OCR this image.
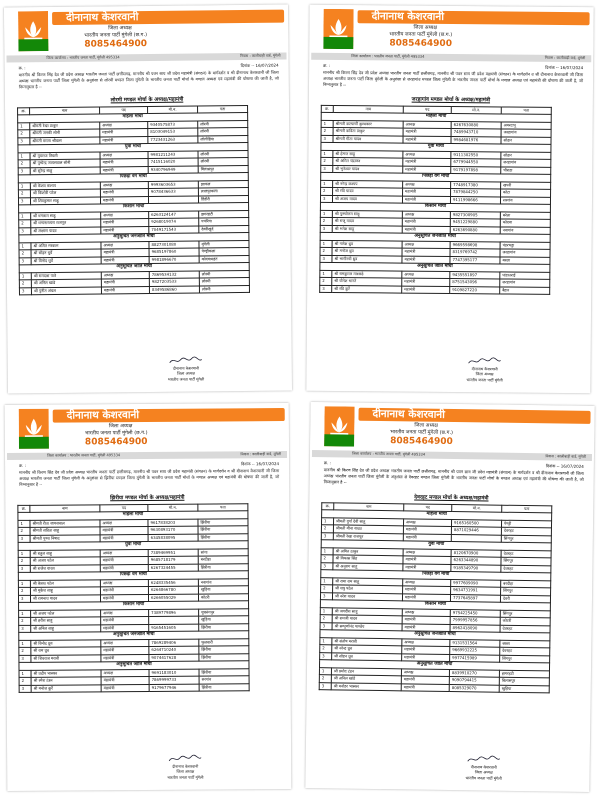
दीनानाथ केशरवानी
जिला अध्यक्ष
भारतीय जनता पार्टी मुंगेली (छ.ग.)
8085464900
जिला कार्यालय : भारतीय जनता पार्टी, मुंगेली 495334	निवास : कालीबाड़ी वार्ड, मुंगेली
क्र. :	दिनांक -- 16/07/2024
माननीय श्री किरण सिंह देव जी प्रदेश अध्यक्ष भारतीय जनता पार्टी छत्तीसगढ़, माननीय श्री पवन साय जी प्रदेश महामंत्री (संगठन) के मार्गदर्शन व श्री दीनानाथ केशरवानी जी जिला अध्यक्ष भारतीय जनता पार्टी जिला मुंगेली के अनुशंसा से लोरमी मण्डल जिला मुंगेली के भारतीय जनता पार्टी मोर्चा के मण्डल अध्यक्ष एवं महामंत्री की घोषणा की जाती है, जो निम्नानुसार है --
लोरमी मण्डल मोर्चा के अध्यक्ष/महामंत्री
क्र.	नाम	पद	मो.न.	पता
महिला मोर्चा				
1	श्रीमती रेखा ठाकुर	अध्यक्ष	9340575873	लोरमी
2	श्रीमती जनकी सोनी	महामंत्री	8103049153	लोरमी
3	श्रीमती ममता श्रीवास	महामंत्री	7723431263	लोलोहिया
युवा मोर्चा				
1	श्री युवराज तिवारी	अध्यक्ष	9981211243	लोरमी
2	श्री पुष्पेन्द्र जायसवाल सोनी	महामंत्री	7415116020	लोरमी
3	श्री सुरेन्द्र साहू	महामंत्री	9340796949	बिलासपुर
पिछड़ा वर्ग मोर्चा				
1	श्री केशव कश्यप	अध्यक्ष	9993603653	झाफल
2	श्री किशोरी पटेल	महामंत्री	9078436633	लालपुरकला
3	श्री शिवकुमार साहू	महामंत्री		डिंडौरी
किसान मोर्चा				
1	श्री धनाराम साहू	अध्यक्ष	6263124147	झगरहटी
2	श्री धन्यनारायण राजपूत	महामंत्री	9268019074	पथरिया
3	श्री लक्ष्मण यादव	महामंत्री	7049171543	देवरीखुर्द
अनुसूचित जनजाति मोर्चा				
1	श्री अमित मरकाम	अध्यक्ष	8827301080	मुंगेली
2	श्री सोहन धुर्वे	महामंत्री	9685197860	पेण्ड्रीकला
3	श्री विनोद धुर्वे	महामंत्री	9981896670	कोदवामहंत
अनुसूचित जाति मोर्चा				
1	श्री रामदास पात्रे	अध्यक्ष	7869534132	लोरमी
2	श्री अनिल खांडे	महामंत्री	9827203533	लोरमी
3	श्री पुनीत अंचल	महामंत्री	8349586860	लोरमी
दीनानाथ केशरवानी
जिला अध्यक्ष
भारतीय जनता पार्टी मुंगेली
दीनानाथ केशरवानी
जिला अध्यक्ष
भारतीय जनता पार्टी मुंगेली (छ.ग.)
8085464900
जिला कार्यालय : भारतीय जनता पार्टी, मुंगेली 495334	निवास : कालीबाड़ी वार्ड, मुंगेली
क्र. :	दिनांक -- 16/07/2024
माननीय श्री किरण सिंह देव जी प्रदेश अध्यक्ष भारतीय जनता पार्टी छत्तीसगढ़, माननीय श्री पवन साय जी प्रदेश महामंत्री (संगठन) के मार्गदर्शन व श्री दीनानाथ केशरवानी जी जिला अध्यक्ष भारतीय जनता पार्टी जिला मुंगेली के अनुशंसा से जरहागांव मण्डल जिला मुंगेली के भारतीय जनता पार्टी मोर्चा के मण्डल अध्यक्ष एवं महामंत्री की घोषणा की जाती है, जो निम्नानुसार है --
जरहागांव मण्डल मोर्चा के अध्यक्ष/महामंत्री
क्र.	नाम	पद	मो.न.	पता
महिला मोर्चा				
1	श्रीमती कल्याणी कुम्भकार	अध्यक्ष	6267630880	अमरटापू
2	श्रीमती कविता ठाकुर	महामंत्री	7489943710	जरहागांव
3	श्रीमती गीता यादव	महामंत्री	9984681976	सोढार
युवा मोर्चा				
1	श्री हेमन्त साहू	अध्यक्ष	9111302550	सोढार
2	श्री अमित चंद्राकर	महामंत्री	6779944550	जरहागांव
3	श्री भुनेश्वर यादव	महामंत्री	9179197898	चौराहा
पिछड़ा वर्ग मोर्चा				
1	श्री नरेन्द्र कश्यप	अध्यक्ष	7748917380	खपरी
2	श्री रवि यादव	महामंत्री	7879844250	कोटा
3	श्री अजय यादव	महामंत्री	9111998666	सरगांव
किसान मोर्चा				
1	श्री पुरुषोत्तम साहू	अध्यक्ष	9827300905	बरेला
2	श्री राजू यादव	महामंत्री	9451229880	कोदवा
3	श्री भगेश साहू	महामंत्री	6263690880	नवागांव
अनुसूचित जनजाति मोर्चा				
1	श्री गणेश ध्रुव	अध्यक्ष	9669598698	पंडरभट्ठा
2	श्री मनोज ध्रुव	महामंत्री	8319769742	जरहागांव
3	श्री भागीरथी ध्रुव	महामंत्री	7747395177	बरछा
अनुसूचित जाति मोर्चा				
1	श्री रामकुमार मारकंडे	अध्यक्ष	9435551897	पांडातराई
2	श्री योगेश भारते	महामंत्री	8751543096	जरहागांव
3	श्री रवि कुर्रे	महामंत्री	9109827220	बैहार
दीनानाथ केशरवानी
जिला अध्यक्ष
भारतीय जनता पार्टी मुंगेली
दीनानाथ केशरवानी
जिला अध्यक्ष
भारतीय जनता पार्टी मुंगेली (छ.ग.)
8085464900
जिला कार्यालय : भारतीय जनता पार्टी, मुंगेली 495334	निवास : कालीबाड़ी वार्ड, मुंगेली
क्र. :	दिनांक -- 16/07/2024
माननीय श्री किरण सिंह देव जी प्रदेश अध्यक्ष भारतीय जनता पार्टी छत्तीसगढ़, माननीय श्री पवन साय जी प्रदेश महामंत्री (संगठन) के मार्गदर्शन व श्री दीनानाथ केशरवानी जी जिला अध्यक्ष भारतीय जनता पार्टी जिला मुंगेली के अनुशंसा से झिरीया मण्डल जिला मुंगेली के भारतीय जनता पार्टी मोर्चा के मण्डल अध्यक्ष एवं महामंत्री की घोषणा की जाती है, जो निम्नानुसार है --
झिरीया मण्डल मोर्चा के अध्यक्ष/महामंत्री
क्र.	नाम	पद	मो.न.	पता
महिला मोर्चा				
1	श्रीमती रीता जायसवाल	अध्यक्ष	9617838203	झिरीया
2	श्रीमती सविता साहू	महामंत्री	9630893170	झिरीया
3	श्रीमती पुष्पा निषाद	महामंत्री	6345838095	झिरीया
युवा मोर्चा				
1	श्री राहुल साहू	अध्यक्ष	7389469951	सांगा
2	श्री अजय पटेल	महामंत्री	9685718179	बरदीहा
3	श्री राजेश यादव	महामंत्री	6267324455	झिरीया
पिछड़ा वर्ग मोर्चा				
1	श्री केशव पटेल	अध्यक्ष	6248335456	नवागांव
2	श्री मुकेश साहू	महामंत्री	6264866780	खुड़िया
3	श्री रामनाथ यादव	महामंत्री	6266055029	कोटरी
किसान मोर्चा				
1	श्री अजय पटेल	अध्यक्ष	7389779896	चुचरुंगपुर
2	श्री हरीश साहू	महामंत्री		खुड़िया
3	श्री अनिल साहू	महामंत्री	9165451605	झिरीया
अनुसूचित जनजाति मोर्चा				
1	श्री विनोद ध्रुव	अध्यक्ष	7869289406	फुलवारी
2	श्री राम ध्रुव	महामंत्री	6264710240	झिरीया
3	श्री शिवराज मरावी	महामंत्री	9074417628	झिरीया
अनुसूचित जाति मोर्चा				
1	श्री प्रदीप भास्कर	अध्यक्ष	9691183010	झिरीया
2	श्री रमेश टंडन	महामंत्री	7869999733	सरगांव
3	श्री मनोज कुर्रे	महामंत्री	9179677946	झिरीया
दीनानाथ केशरवानी
जिला अध्यक्ष
भारतीय जनता पार्टी मुंगेली
दीनानाथ केशरवानी
जिला अध्यक्ष
भारतीय जनता पार्टी मुंगेली (छ.ग.)
8085464900
जिला कार्यालय : भारतीय जनता पार्टी, मुंगेली 495334	निवास : कालीबाड़ी वार्ड, मुंगेली
क्र. :
दिनांक -- 16/07/2024
माननीय श्री किरण सिंह देव जी प्रदेश अध्यक्ष भारतीय जनता पार्टी छत्तीसगढ़, माननीय श्री पवन साय जी प्रदेश महामंत्री (संगठन) के मार्गदर्शन व श्री दीनानाथ केशरवानी जी जिला अध्यक्ष भारतीय जनता पार्टी जिला मुंगेली के अनुशंसा से देवरहट मण्डल जिला मुंगेली के भारतीय जनता पार्टी मोर्चा के मण्डल अध्यक्ष एवं महामंत्री की घोषणा की जाती है, जो निम्नानुसार है --
देवरहट मण्डल मोर्चा के अध्यक्ष/महामंत्री
क्र.	नाम	पद	मो.न.	पता
महिला मोर्चा				
1	श्रीमती दुर्गा देवी साहू	अध्यक्ष	9165160500	पेण्ड्री
2	श्रीमती मीना यादव	महामंत्री	8871029446	देवरहट
3	श्रीमती रेखा राजपूत	महामंत्री		सिंगपुर
युवा मोर्चा				
1	श्री अमित ठाकुर	अध्यक्ष	8120670900	देवरहट
2	श्री विकास सिंह	महामंत्री	6263344890	सिंगपुर
3	श्री अनुराग साहू	महामंत्री	9185349790	देवरहट
पिछड़ा वर्ग मोर्चा				
1	श्री रामा राम साहू	अध्यक्ष	9977609090	बरदीहा
2	श्री शत्रु पटेल	महामंत्री	9634731991	सिंगपुर
3	श्री नरेश यादव	महामंत्री	7737645897	देवरी
किसान मोर्चा				
1	श्री जगदीश साहू	अध्यक्ष	9754225450	सिंगपुर
2	श्री रामजी यादव	महामंत्री	7999957856	कोटरी
3	श्री सम्पूर्णानंद पाण्डेय	महामंत्री	8962418090	देवरहट
अनुसूचित जनजाति मोर्चा				
1	श्री संतोष मरावी	अध्यक्ष	9131531564	बरछा
2	श्री नरेन्द्र ध्रुव	महामंत्री	9669932225	देवरहट
3	श्री सोहन ध्रुव	महामंत्री	9977415989	सिंगपुर
अनुसूचित जाति मोर्चा				
1	श्री प्रमोद टंडन	अध्यक्ष	8839910270	झगरहटी
2	श्री अनिल खांडे	महामंत्री	9090794415	बिलासपुर
3	श्री मनोहर भास्कर	महामंत्री	8085329070	खुड़िया
दीनानाथ केशरवानी
जिला अध्यक्ष
भारतीय जनता पार्टी मुंगेली
